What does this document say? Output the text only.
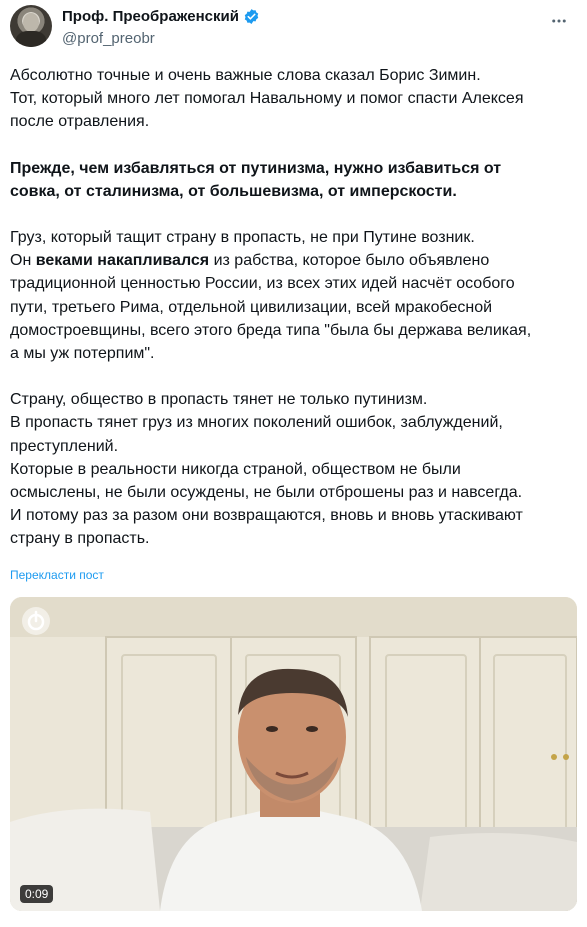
Проф. Преображенский
@prof_preobr

Абсолютно точные и очень важные слова сказал Борис Зимин.

Тот, который много лет помогал Навальному и помог спасти Алексея

после отравления.

Прежде, чем избавляться от путинизма, нужно избавиться от

совка, от сталинизма, от большевизма, от имперскости.

Груз, который тащит страну в пропасть, не при Путине возник.

Он веками накапливался из рабства, которое было объявлено

традиционной ценностью России, из всех этих идей насчёт особого

пути, третьего Рима, отдельной цивилизации, всей мракобесной

домостроевщины, всего этого бреда типа "была бы держава великая,

а мы уж потерпим".

Страну, общество в пропасть тянет не только путинизм.

В пропасть тянет груз из многих поколений ошибок, заблуждений,

преступлений.

Которые в реальности никогда страной, обществом не были

осмыслены, не были осуждены, не были отброшены раз и навсегда.

И потому раз за разом они возвращаются, вновь и вновь утаскивают

страну в пропасть.

Перекласти пост
0:09
